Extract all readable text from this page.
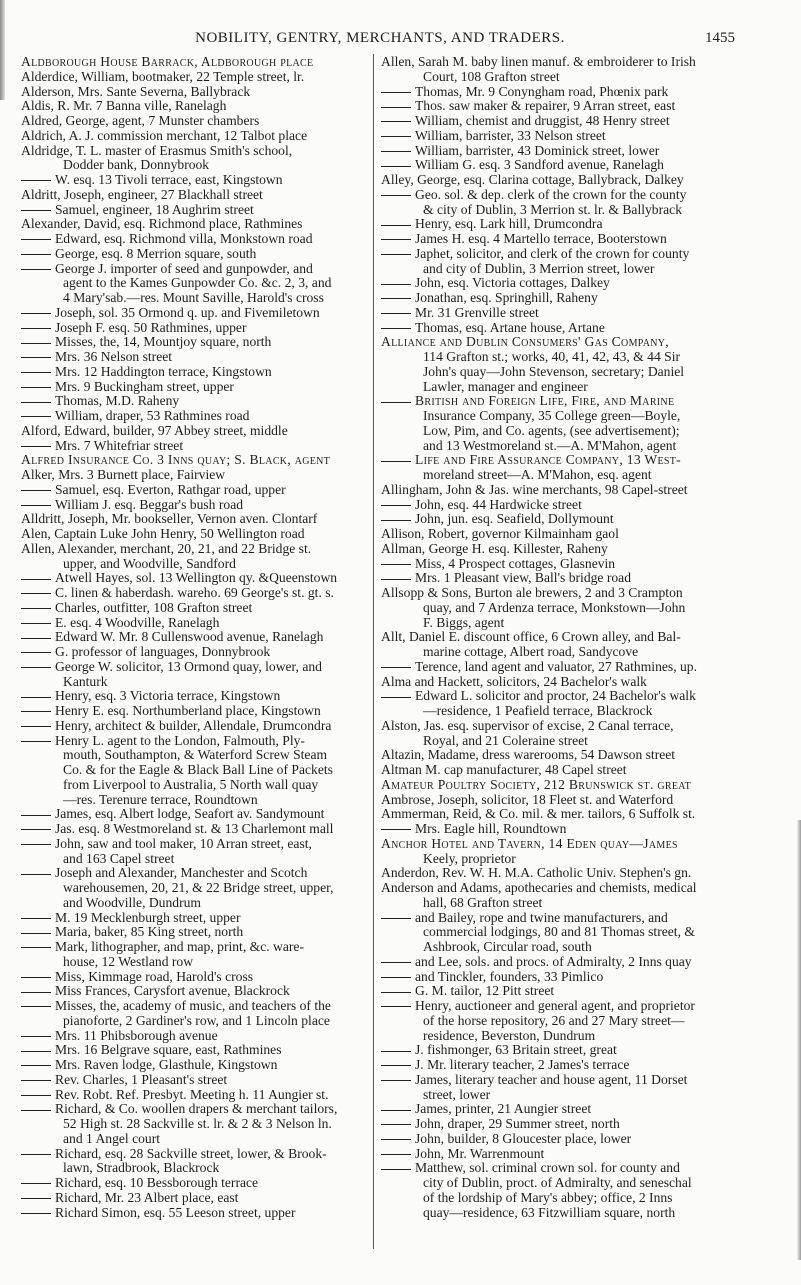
NOBILITY, GENTRY, MERCHANTS, AND TRADERS.	1455
Aldborough House Barrack, Aldborough place
Alderdice, William, bootmaker, 22 Temple street, lr.
Alderson, Mrs. Sante Severna, Ballybrack
Aldis, R. Mr. 7 Banna ville, Ranelagh
Aldred, George, agent, 7 Munster chambers
Aldrich, A. J. commission merchant, 12 Talbot place
Aldridge, T. L. master of Erasmus Smith's school,
Dodder bank, Donnybrook
W. esq. 13 Tivoli terrace, east, Kingstown
Aldritt, Joseph, engineer, 27 Blackhall street
Samuel, engineer, 18 Aughrim street
Alexander, David, esq. Richmond place, Rathmines
Edward, esq. Richmond villa, Monkstown road
George, esq. 8 Merrion square, south
George J. importer of seed and gunpowder, and
agent to the Kames Gunpowder Co. &c. 2, 3, and
4 Mary'sab.—res. Mount Saville, Harold's cross
Joseph, sol. 35 Ormond q. up. and Fivemiletown
Joseph F. esq. 50 Rathmines, upper
Misses, the, 14, Mountjoy square, north
Mrs. 36 Nelson street
Mrs. 12 Haddington terrace, Kingstown
Mrs. 9 Buckingham street, upper
Thomas, M.D. Raheny
William, draper, 53 Rathmines road
Alford, Edward, builder, 97 Abbey street, middle
Mrs. 7 Whitefriar street
Alfred Insurance Co. 3 Inns quay; S. Black, agent
Alker, Mrs. 3 Burnett place, Fairview
Samuel, esq. Everton, Rathgar road, upper
William J. esq. Beggar's bush road
Alldritt, Joseph, Mr. bookseller, Vernon aven. Clontarf
Alen, Captain Luke John Henry, 50 Wellington road
Allen, Alexander, merchant, 20, 21, and 22 Bridge st.
upper, and Woodville, Sandford
Atwell Hayes, sol. 13 Wellington qy. &Queenstown
C. linen & haberdash. wareho. 69 George's st. gt. s.
Charles, outfitter, 108 Grafton street
E. esq. 4 Woodville, Ranelagh
Edward W. Mr. 8 Cullenswood avenue, Ranelagh
G. professor of languages, Donnybrook
George W. solicitor, 13 Ormond quay, lower, and
Kanturk
Henry, esq. 3 Victoria terrace, Kingstown
Henry E. esq. Northumberland place, Kingstown
Henry, architect & builder, Allendale, Drumcondra
Henry L. agent to the London, Falmouth, Ply-
mouth, Southampton, & Waterford Screw Steam
Co. & for the Eagle & Black Ball Line of Packets
from Liverpool to Australia, 5 North wall quay
—res. Terenure terrace, Roundtown
James, esq. Albert lodge, Seafort av. Sandymount
Jas. esq. 8 Westmoreland st. & 13 Charlemont mall
John, saw and tool maker, 10 Arran street, east,
and 163 Capel street
Joseph and Alexander, Manchester and Scotch
warehousemen, 20, 21, & 22 Bridge street, upper,
and Woodville, Dundrum
M. 19 Mecklenburgh street, upper
Maria, baker, 85 King street, north
Mark, lithographer, and map, print, &c. ware-
house, 12 Westland row
Miss, Kimmage road, Harold's cross
Miss Frances, Carysfort avenue, Blackrock
Misses, the, academy of music, and teachers of the
pianoforte, 2 Gardiner's row, and 1 Lincoln place
Mrs. 11 Phibsborough avenue
Mrs. 16 Belgrave square, east, Rathmines
Mrs. Raven lodge, Glasthule, Kingstown
Rev. Charles, 1 Pleasant's street
Rev. Robt. Ref. Presbyt. Meeting h. 11 Aungier st.
Richard, & Co. woollen drapers & merchant tailors,
52 High st. 28 Sackville st. lr. & 2 & 3 Nelson ln.
and 1 Angel court
Richard, esq. 28 Sackville street, lower, & Brook-
lawn, Stradbrook, Blackrock
Richard, esq. 10 Bessborough terrace
Richard, Mr. 23 Albert place, east
Richard Simon, esq. 55 Leeson street, upper
Allen, Sarah M. baby linen manuf. & embroiderer to Irish
Court, 108 Grafton street
Thomas, Mr. 9 Conyngham road, Phœnix park
Thos. saw maker & repairer, 9 Arran street, east
William, chemist and druggist, 48 Henry street
William, barrister, 33 Nelson street
William, barrister, 43 Dominick street, lower
William G. esq. 3 Sandford avenue, Ranelagh
Alley, George, esq. Clarina cottage, Ballybrack, Dalkey
Geo. sol. & dep. clerk of the crown for the county
& city of Dublin, 3 Merrion st. lr. & Ballybrack
Henry, esq. Lark hill, Drumcondra
James H. esq. 4 Martello terrace, Booterstown
Japhet, solicitor, and clerk of the crown for county
and city of Dublin, 3 Merrion street, lower
John, esq. Victoria cottages, Dalkey
Jonathan, esq. Springhill, Raheny
Mr. 31 Grenville street
Thomas, esq. Artane house, Artane
Alliance and Dublin Consumers' Gas Company,
114 Grafton st.; works, 40, 41, 42, 43, & 44 Sir
John's quay—John Stevenson, secretary; Daniel
Lawler, manager and engineer
British and Foreign Life, Fire, and Marine
Insurance Company, 35 College green—Boyle,
Low, Pim, and Co. agents, (see advertisement);
and 13 Westmoreland st.—A. M'Mahon, agent
Life and Fire Assurance Company, 13 West-
moreland street—A. M'Mahon, esq. agent
Allingham, John & Jas. wine merchants, 98 Capel-street
John, esq. 44 Hardwicke street
John, jun. esq. Seafield, Dollymount
Allison, Robert, governor Kilmainham gaol
Allman, George H. esq. Killester, Raheny
Miss, 4 Prospect cottages, Glasnevin
Mrs. 1 Pleasant view, Ball's bridge road
Allsopp & Sons, Burton ale brewers, 2 and 3 Crampton
quay, and 7 Ardenza terrace, Monkstown—John
F. Biggs, agent
Allt, Daniel E. discount office, 6 Crown alley, and Bal-
marine cottage, Albert road, Sandycove
Terence, land agent and valuator, 27 Rathmines, up.
Alma and Hackett, solicitors, 24 Bachelor's walk
Edward L. solicitor and proctor, 24 Bachelor's walk
—residence, 1 Peafield terrace, Blackrock
Alston, Jas. esq. supervisor of excise, 2 Canal terrace,
Royal, and 21 Coleraine street
Altazin, Madame, dress warerooms, 54 Dawson street
Altman M. cap manufacturer, 48 Capel street
Amateur Poultry Society, 212 Brunswick st. great
Ambrose, Joseph, solicitor, 18 Fleet st. and Waterford
Ammerman, Reid, & Co. mil. & mer. tailors, 6 Suffolk st.
Mrs. Eagle hill, Roundtown
Anchor Hotel and Tavern, 14 Eden quay—James
Keely, proprietor
Anderdon, Rev. W. H. M.A. Catholic Univ. Stephen's gn.
Anderson and Adams, apothecaries and chemists, medical
hall, 68 Grafton street
and Bailey, rope and twine manufacturers, and
commercial lodgings, 80 and 81 Thomas street, &
Ashbrook, Circular road, south
and Lee, sols. and procs. of Admiralty, 2 Inns quay
and Tinckler, founders, 33 Pimlico
G. M. tailor, 12 Pitt street
Henry, auctioneer and general agent, and proprietor
of the horse repository, 26 and 27 Mary street—
residence, Beverston, Dundrum
J. fishmonger, 63 Britain street, great
J. Mr. literary teacher, 2 James's terrace
James, literary teacher and house agent, 11 Dorset
street, lower
James, printer, 21 Aungier street
John, draper, 29 Summer street, north
John, builder, 8 Gloucester place, lower
John, Mr. Warrenmount
Matthew, sol. criminal crown sol. for county and
city of Dublin, proct. of Admiralty, and seneschal
of the lordship of Mary's abbey; office, 2 Inns
quay—residence, 63 Fitzwilliam square, north
